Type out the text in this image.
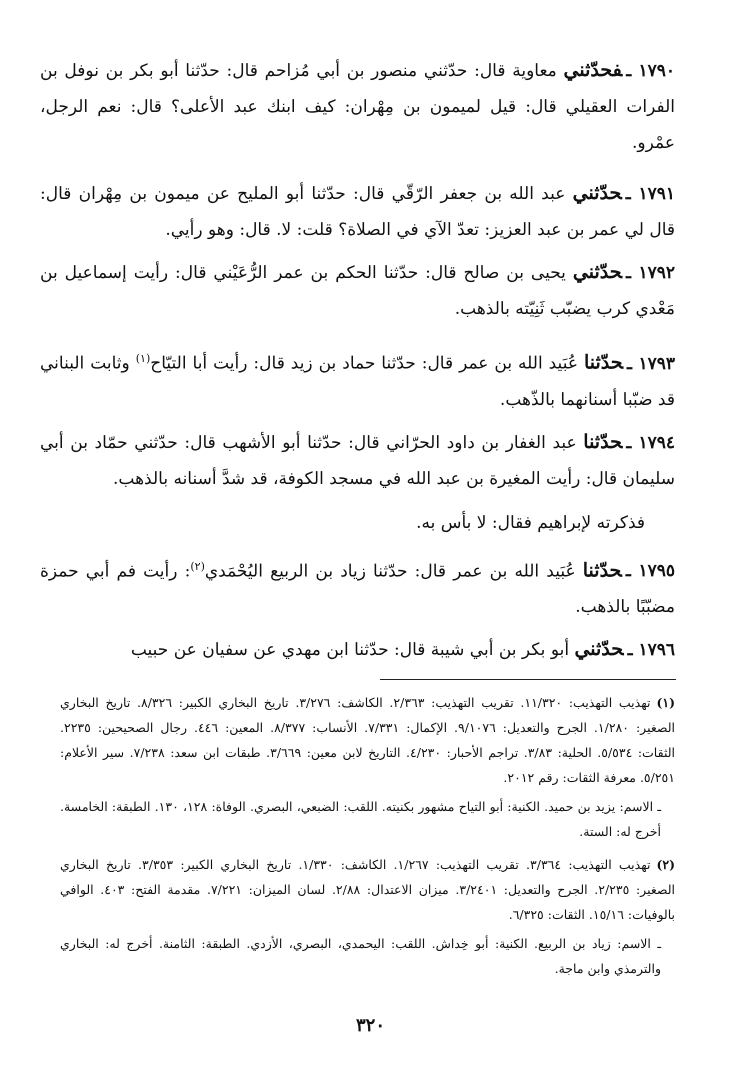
١٧٩٠ ـفحدّثني معاوية قال: حدّثني منصور بن أبي مُزاحم قال: حدّثنا أبو بكر بن نوفل بن الفرات العقيلي قال: قيل لميمون بن مِهْران: كيف ابنك عبد الأعلى؟ قال: نعم الرجل، عمْرو.

١٧٩١ ـحدّثني عبد الله بن جعفر الرّقّي قال: حدّثنا أبو المليح عن ميمون بن مِهْران قال: قال لي عمر بن عبد العزيز: تعدّ الآي في الصلاة؟ قلت: لا. قال: وهو رأيي.

١٧٩٢ ـحدّثني يحيى بن صالح قال: حدّثنا الحكم بن عمر الرُّعَيْني قال: رأيت إسماعيل بن مَعْدي كرب يضبّب ثَنِيّته بالذهب.

١٧٩٣ ـحدّثنا عُبَيد الله بن عمر قال: حدّثنا حماد بن زيد قال: رأيت أبا التيّاح$^{(١)}$ وثابت البناني قد ضبّبا أسنانهما بالذّهب.

١٧٩٤ ـحدّثنا عبد الغفار بن داود الحرّاني قال: حدّثنا أبو الأشهب قال: حدّثني حمّاد بن أبي سليمان قال: رأيت المغيرة بن عبد الله في مسجد الكوفة، قد شدَّ أسنانه بالذهب.

فذكرته لإبراهيم فقال: لا بأس به.

١٧٩٥ ـحدّثنا عُبَيد الله بن عمر قال: حدّثنا زياد بن الربيع اليُحْمَدي$^{(٢)}$: رأيت فم أبي حمزة مضبّبًا بالذهب.

١٧٩٦ ـحدّثني أبو بكر بن أبي شيبة قال: حدّثنا ابن مهدي عن سفيان عن حبيب

(١)تهذيب التهذيب: ١١/٣٢٠. تقريب التهذيب: ٢/٣٦٣. الكاشف: ٣/٢٧٦. تاريخ البخاري الكبير: ٨/٣٢٦. تاريخ البخاري الصغير: ١/٢٨٠. الجرح والتعديل: ٩/١٠٧٦. الإكمال: ٧/٣٣١. الأنساب: ٨/٣٧٧. المعين: ٤٤٦. رجال الصحيحين: ٢٢٣٥. الثقات: ٥/٥٣٤. الحلية: ٣/٨٣. تراجم الأحبار: ٤/٢٣٠. التاريخ لابن معين: ٣/٦٦٩. طبقات ابن سعد: ٧/٢٣٨. سير الأعلام: ٥/٢٥١. معرفة الثقات: رقم ٢٠١٢.

ـ الاسم: يزيد بن حميد. الكنية: أبو التياح مشهور بكنيته. اللقب: الضبعي، البصري. الوفاة: ١٢٨، ١٣٠. الطبقة: الخامسة. أخرج له: الستة.

(٢)تهذيب التهذيب: ٣/٣٦٤. تقريب التهذيب: ١/٢٦٧. الكاشف: ١/٣٣٠. تاريخ البخاري الكبير: ٣/٣٥٣. تاريخ البخاري الصغير: ٢/٢٣٥. الجرح والتعديل: ٣/٢٤٠١. ميزان الاعتدال: ٢/٨٨. لسان الميزان: ٧/٢٢١. مقدمة الفتح: ٤٠٣. الوافي بالوفيات: ١٥/١٦. الثقات: ٦/٣٢٥.

ـ الاسم: زياد بن الربيع. الكنية: أبو خِداش. اللقب: اليحمدي، البصري، الأزدي. الطبقة: الثامنة. أخرج له: البخاري والترمذي وابن ماجة.

٣٢٠
